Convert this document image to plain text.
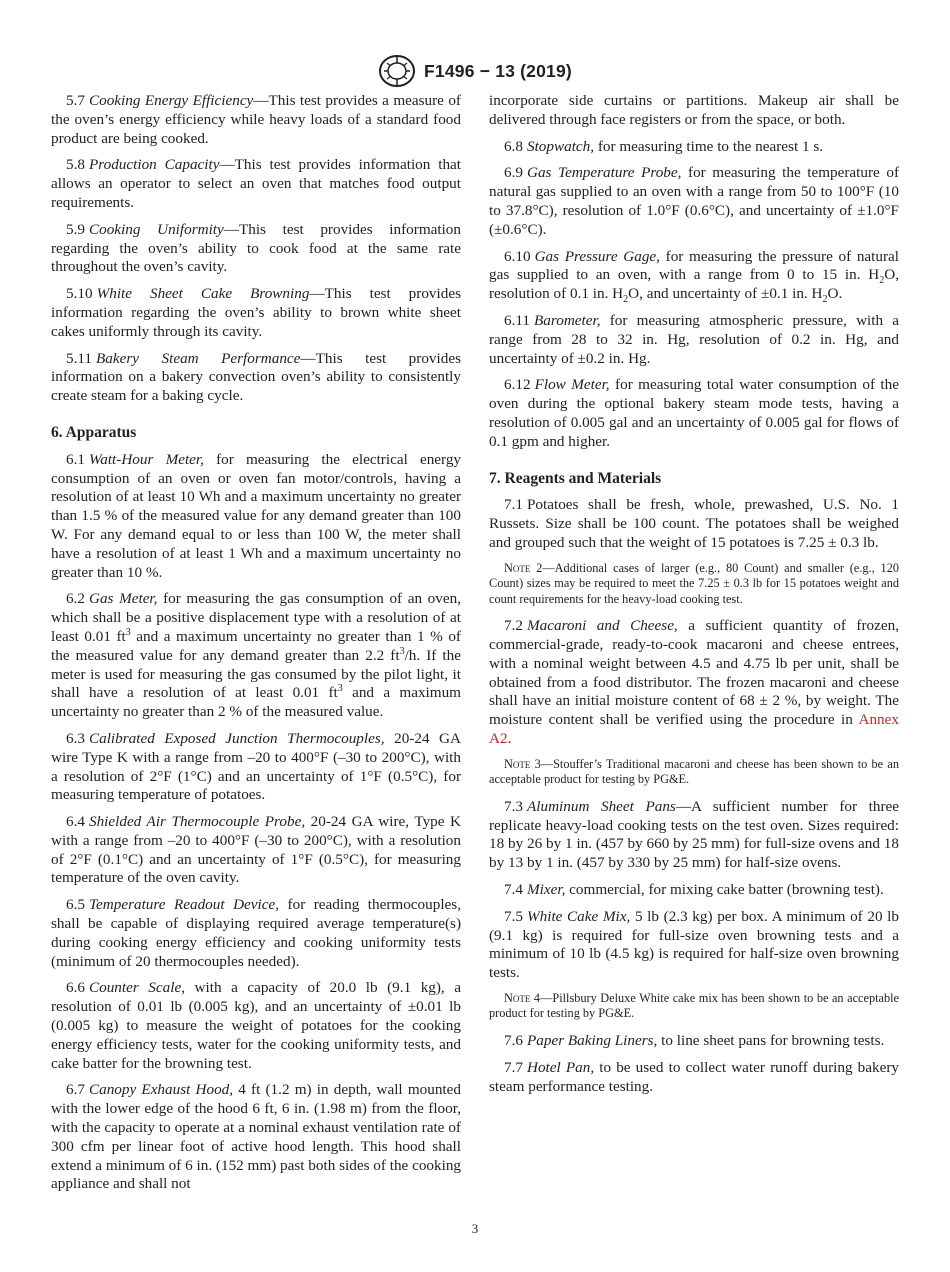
F1496 − 13 (2019)

5.7 Cooking Energy Efficiency—This test provides a measure of the oven’s energy efficiency while heavy loads of a standard food product are being cooked.

5.8 Production Capacity—This test provides information that allows an operator to select an oven that matches food output requirements.

5.9 Cooking Uniformity—This test provides information regarding the oven’s ability to cook food at the same rate throughout the oven’s cavity.

5.10 White Sheet Cake Browning—This test provides information regarding the oven’s ability to brown white sheet cakes uniformly through its cavity.

5.11 Bakery Steam Performance—This test provides information on a bakery convection oven’s ability to consistently create steam for a baking cycle.

6. Apparatus

6.1 Watt-Hour Meter, for measuring the electrical energy consumption of an oven or oven fan motor/controls, having a resolution of at least 10 Wh and a maximum uncertainty no greater than 1.5 % of the measured value for any demand greater than 100 W. For any demand equal to or less than 100 W, the meter shall have a resolution of at least 1 Wh and a maximum uncertainty no greater than 10 %.

6.2 Gas Meter, for measuring the gas consumption of an oven, which shall be a positive displacement type with a resolution of at least 0.01 $ft^3$ and a maximum uncertainty no greater than 1 % of the measured value for any demand greater than 2.2 $ft^3/h$. If the meter is used for measuring the gas consumed by the pilot light, it shall have a resolution of at least 0.01 $ft^3$ and a maximum uncertainty no greater than 2 % of the measured value.

6.3 Calibrated Exposed Junction Thermocouples, 20-24 GA wire Type K with a range from –20 to 400°F (–30 to 200°C), with a resolution of 2°F (1°C) and an uncertainty of 1°F (0.5°C), for measuring temperature of potatoes.

6.4 Shielded Air Thermocouple Probe, 20-24 GA wire, Type K with a range from –20 to 400°F (–30 to 200°C), with a resolution of 2°F (0.1°C) and an uncertainty of 1°F (0.5°C), for measuring temperature of the oven cavity.

6.5 Temperature Readout Device, for reading thermocouples, shall be capable of displaying required average temperature(s) during cooking energy efficiency and cooking uniformity tests (minimum of 20 thermocouples needed).

6.6 Counter Scale, with a capacity of 20.0 lb (9.1 kg), a resolution of 0.01 lb (0.005 kg), and an uncertainty of ±0.01 lb (0.005 kg) to measure the weight of potatoes for the cooking energy efficiency tests, water for the cooking uniformity tests, and cake batter for the browning test.

6.7 Canopy Exhaust Hood, 4 ft (1.2 m) in depth, wall mounted with the lower edge of the hood 6 ft, 6 in. (1.98 m) from the floor, with the capacity to operate at a nominal exhaust ventilation rate of 300 cfm per linear foot of active hood length. This hood shall extend a minimum of 6 in. (152 mm) past both sides of the cooking appliance and shall not

incorporate side curtains or partitions. Makeup air shall be delivered through face registers or from the space, or both.

6.8 Stopwatch, for measuring time to the nearest 1 s.

6.9 Gas Temperature Probe, for measuring the temperature of natural gas supplied to an oven with a range from 50 to 100°F (10 to 37.8°C), resolution of 1.0°F (0.6°C), and uncertainty of ±1.0°F (±0.6°C).

6.10 Gas Pressure Gage, for measuring the pressure of natural gas supplied to an oven, with a range from 0 to 15 in. $H_2O$, resolution of 0.1 in. $H_2O$, and uncertainty of ±0.1 in. $H_2O$.

6.11 Barometer, for measuring atmospheric pressure, with a range from 28 to 32 in. Hg, resolution of 0.2 in. Hg, and uncertainty of ±0.2 in. Hg.

6.12 Flow Meter, for measuring total water consumption of the oven during the optional bakery steam mode tests, having a resolution of 0.005 gal and an uncertainty of 0.005 gal for flows of 0.1 gpm and higher.

7. Reagents and Materials

7.1 Potatoes shall be fresh, whole, prewashed, U.S. No. 1 Russets. Size shall be 100 count. The potatoes shall be weighed and grouped such that the weight of 15 potatoes is 7.25 ± 0.3 lb.

Note 2—Additional cases of larger (e.g., 80 Count) and smaller (e.g., 120 Count) sizes may be required to meet the 7.25 ± 0.3 lb for 15 potatoes weight and count requirements for the heavy-load cooking test.

7.2 Macaroni and Cheese, a sufficient quantity of frozen, commercial-grade, ready-to-cook macaroni and cheese entrees, with a nominal weight between 4.5 and 4.75 lb per unit, shall be obtained from a food distributor. The frozen macaroni and cheese shall have an initial moisture content of 68 ± 2 %, by weight. The moisture content shall be verified using the procedure in Annex A2.

Note 3—Stouffer’s Traditional macaroni and cheese has been shown to be an acceptable product for testing by PG&E.

7.3 Aluminum Sheet Pans—A sufficient number for three replicate heavy-load cooking tests on the test oven. Sizes required: 18 by 26 by 1 in. (457 by 660 by 25 mm) for full-size ovens and 18 by 13 by 1 in. (457 by 330 by 25 mm) for half-size ovens.

7.4 Mixer, commercial, for mixing cake batter (browning test).

7.5 White Cake Mix, 5 lb (2.3 kg) per box. A minimum of 20 lb (9.1 kg) is required for full-size oven browning tests and a minimum of 10 lb (4.5 kg) is required for half-size oven browning tests.

Note 4—Pillsbury Deluxe White cake mix has been shown to be an acceptable product for testing by PG&E.

7.6 Paper Baking Liners, to line sheet pans for browning tests.

7.7 Hotel Pan, to be used to collect water runoff during bakery steam performance testing.

3
